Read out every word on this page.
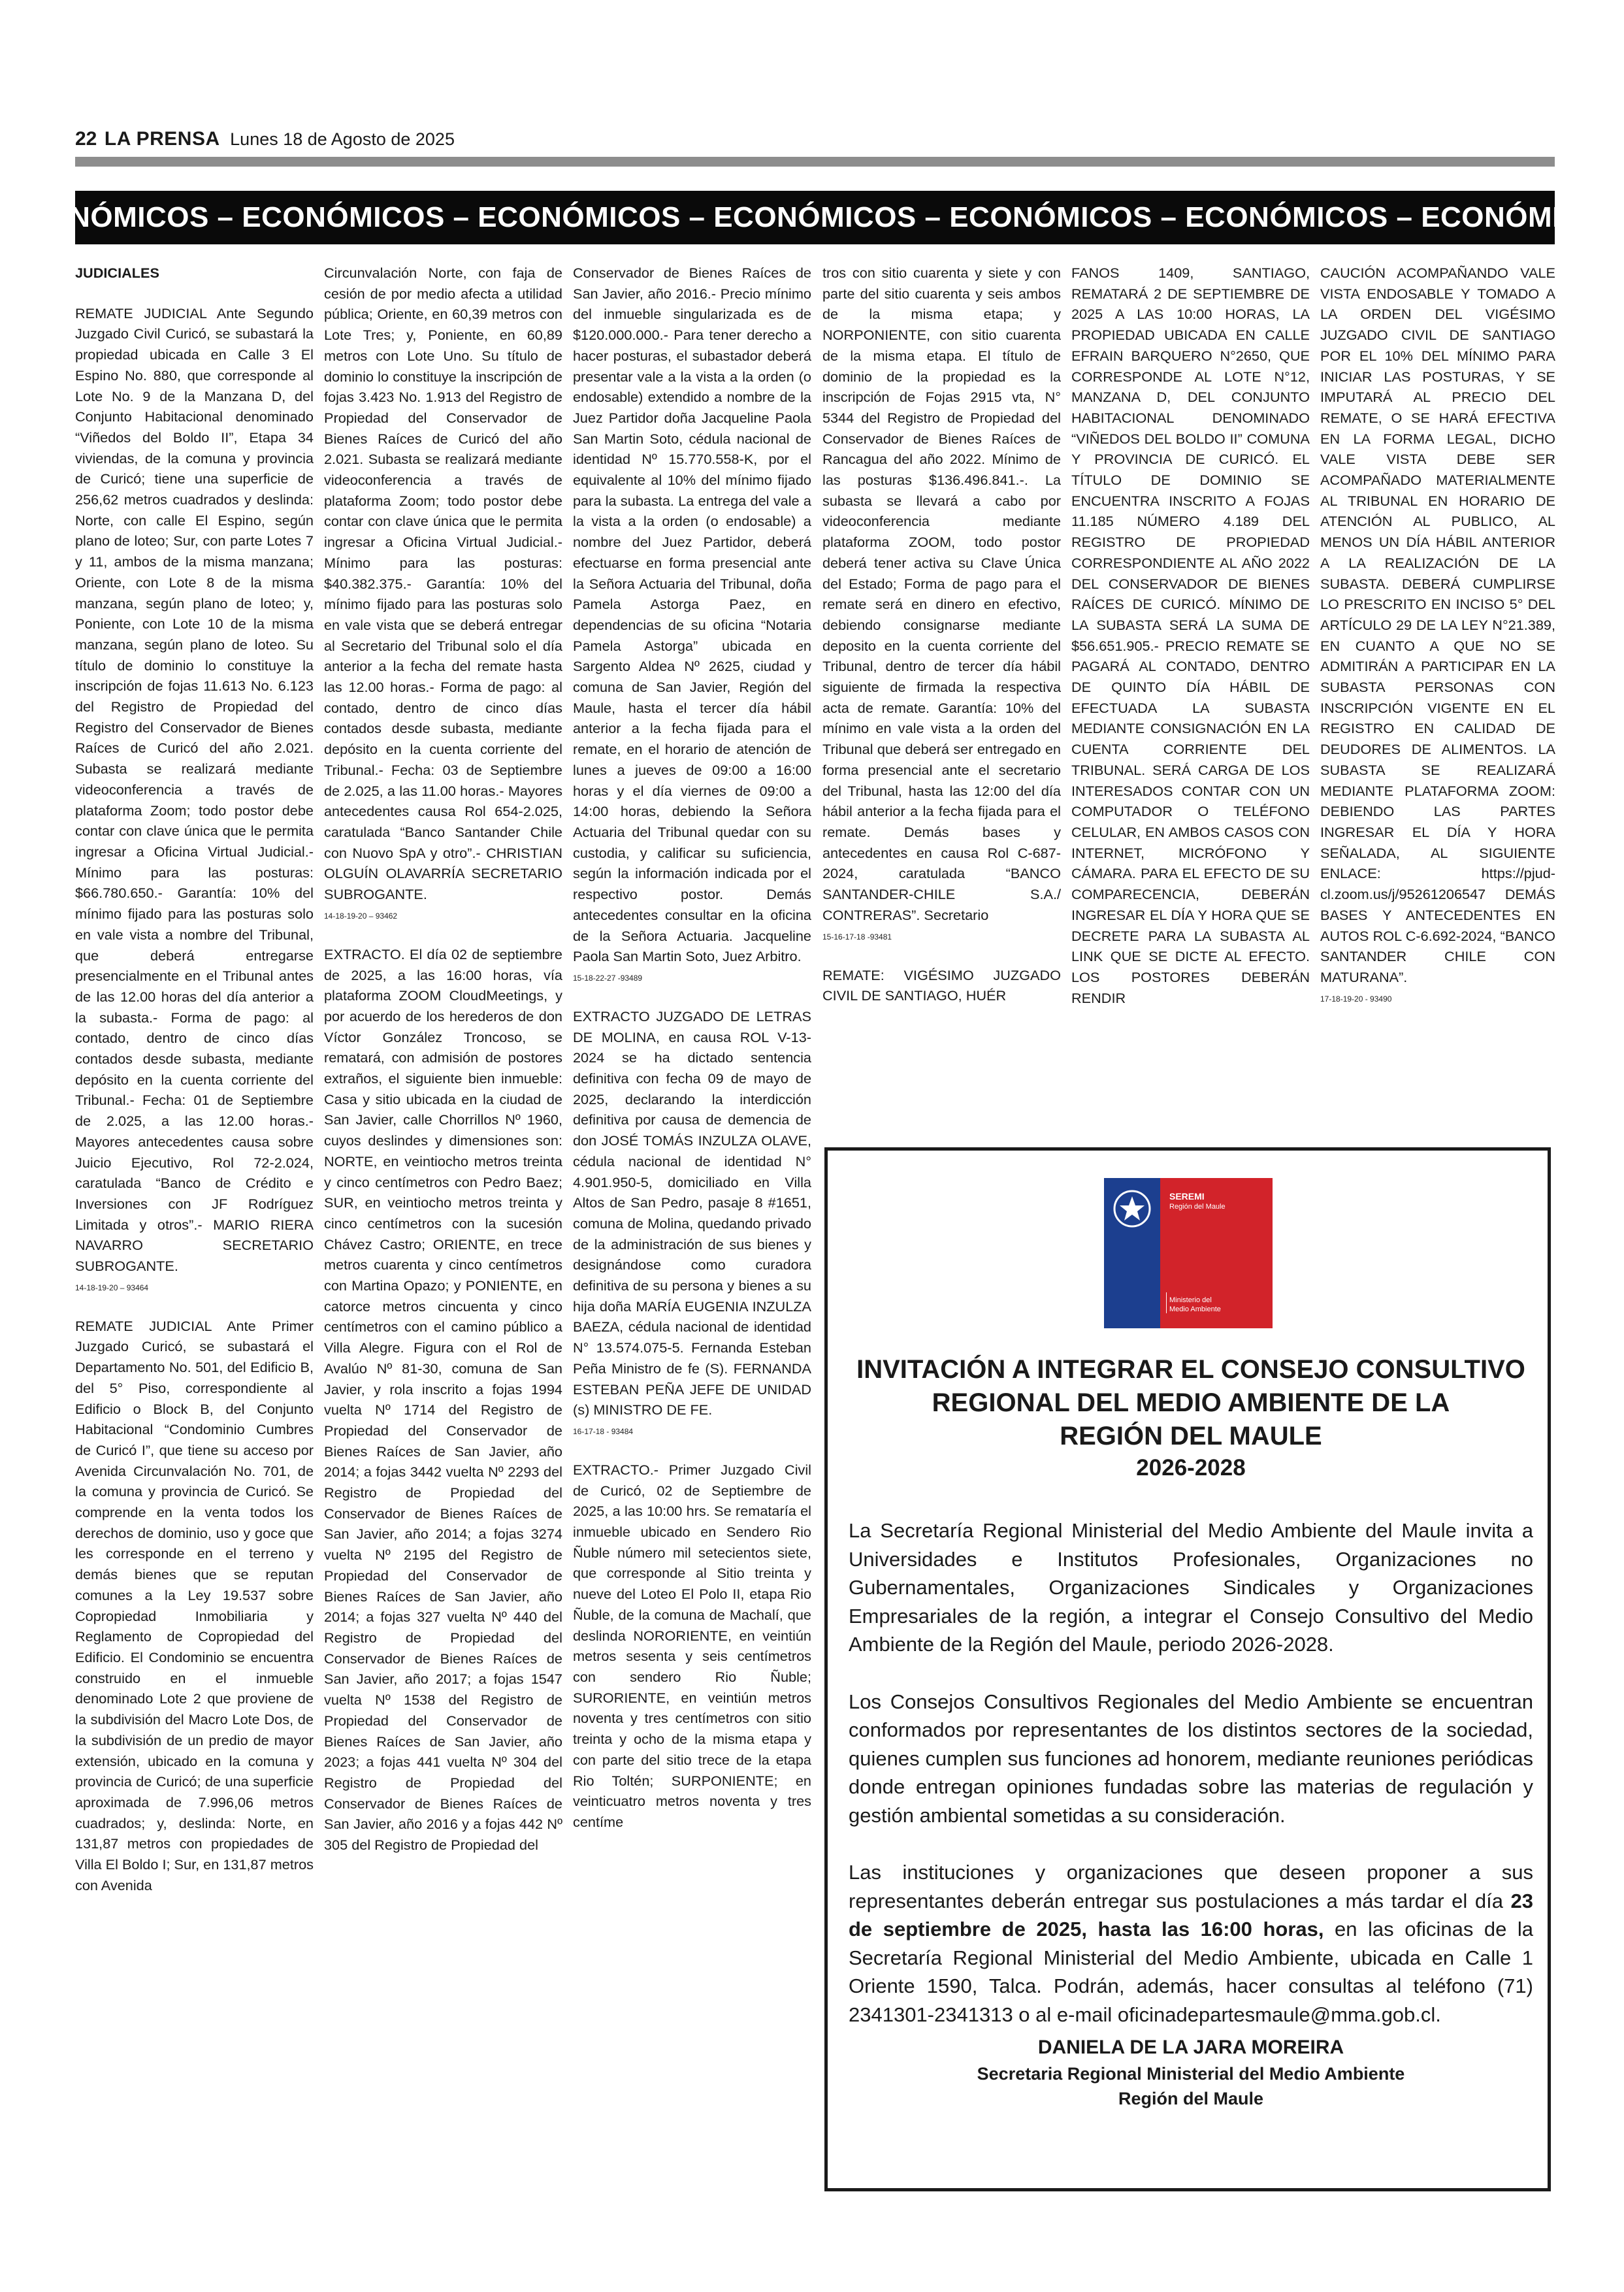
22 LA PRENSA Lunes 18 de Agosto de 2025
ECONÓMICOS – ECONÓMICOS – ECONÓMICOS – ECONÓMICOS – ECONÓMICOS – ECONÓMICOS – ECONÓMICOS
JUDICIALES

REMATE JUDICIAL Ante Segundo Juzgado Civil Curicó, se subastará la propiedad ubicada en Calle 3 El Espino No. 880, que corresponde al Lote No. 9 de la Manzana D, del Conjunto Habitacional denominado “Viñedos del Boldo II”, Etapa 34 viviendas, de la comuna y provincia de Curicó; tiene una superficie de 256,62 metros cuadrados y deslinda: Norte, con calle El Espino, según plano de loteo; Sur, con parte Lotes 7 y 11, ambos de la misma manzana; Oriente, con Lote 8 de la misma manzana, según plano de loteo; y, Poniente, con Lote 10 de la misma manzana, según plano de loteo. Su título de dominio lo constituye la inscripción de fojas 11.613 No. 6.123 del Registro de Propiedad del Registro del Conservador de Bienes Raíces de Curicó del año 2.021. Subasta se realizará mediante videoconferencia a través de plataforma Zoom; todo postor debe contar con clave única que le permita ingresar a Oficina Virtual Judicial.- Mínimo para las posturas: $66.780.650.- Garantía: 10% del mínimo fijado para las posturas solo en vale vista a nombre del Tribunal, que deberá entregarse presencialmente en el Tribunal antes de las 12.00 horas del día anterior a la subasta.- Forma de pago: al contado, dentro de cinco días contados desde subasta, mediante depósito en la cuenta corriente del Tribunal.- Fecha: 01 de Septiembre de 2.025, a las 12.00 horas.- Mayores antecedentes causa sobre Juicio Ejecutivo, Rol 72-2.024, caratulada “Banco de Crédito e Inversiones con JF Rodríguez Limitada y otros”.- MARIO RIERA NAVARRO SECRETARIO SUBROGANTE.
14-18-19-20 – 93464

REMATE JUDICIAL Ante Primer Juzgado Curicó, se subastará el Departamento No. 501, del Edificio B, del 5° Piso, correspondiente al Edificio o Block B, del Conjunto Habitacional “Condominio Cumbres de Curicó I”, que tiene su acceso por Avenida Circunvalación No. 701, de la comuna y provincia de Curicó. Se comprende en la venta todos los derechos de dominio, uso y goce que les corresponde en el terreno y demás bienes que se reputan comunes a la Ley 19.537 sobre Copropiedad Inmobiliaria y Reglamento de Copropiedad del Edificio. El Condominio se encuentra construido en el inmueble denominado Lote 2 que proviene de la subdivisión del Macro Lote Dos, de la subdivisión de un predio de mayor extensión, ubicado en la comuna y provincia de Curicó; de una superficie aproximada de 7.996,06 metros cuadrados; y, deslinda: Norte, en 131,87 metros con propiedades de Villa El Boldo I; Sur, en 131,87 metros con Avenida

Circunvalación Norte, con faja de cesión de por medio afecta a utilidad pública; Oriente, en 60,39 metros con Lote Tres; y, Poniente, en 60,89 metros con Lote Uno. Su título de dominio lo constituye la inscripción de fojas 3.423 No. 1.913 del Registro de Propiedad del Conservador de Bienes Raíces de Curicó del año 2.021. Subasta se realizará mediante videoconferencia a través de plataforma Zoom; todo postor debe contar con clave única que le permita ingresar a Oficina Virtual Judicial.- Mínimo para las posturas: $40.382.375.- Garantía: 10% del mínimo fijado para las posturas solo en vale vista que se deberá entregar al Secretario del Tribunal solo el día anterior a la fecha del remate hasta las 12.00 horas.- Forma de pago: al contado, dentro de cinco días contados desde subasta, mediante depósito en la cuenta corriente del Tribunal.- Fecha: 03 de Septiembre de 2.025, a las 11.00 horas.- Mayores antecedentes causa Rol 654-2.025, caratulada “Banco Santander Chile con Nuovo SpA y otro”.- CHRISTIAN OLGUÍN OLAVARRÍA SECRETARIO SUBROGANTE.
14-18-19-20 – 93462

EXTRACTO. El día 02 de septiembre de 2025, a las 16:00 horas, vía plataforma ZOOM CloudMeetings, y por acuerdo de los herederos de don Víctor González Troncoso, se rematará, con admisión de postores extraños, el siguiente bien inmueble: Casa y sitio ubicada en la ciudad de San Javier, calle Chorrillos Nº 1960, cuyos deslindes y dimensiones son: NORTE, en veintiocho metros treinta y cinco centímetros con Pedro Baez; SUR, en veintiocho metros treinta y cinco centímetros con la sucesión Chávez Castro; ORIENTE, en trece metros cuarenta y cinco centímetros con Martina Opazo; y PONIENTE, en catorce metros cincuenta y cinco centímetros con el camino público a Villa Alegre. Figura con el Rol de Avalúo Nº 81-30, comuna de San Javier, y rola inscrito a fojas 1994 vuelta Nº 1714 del Registro de Propiedad del Conservador de Bienes Raíces de San Javier, año 2014; a fojas 3442 vuelta Nº 2293 del Registro de Propiedad del Conservador de Bienes Raíces de San Javier, año 2014; a fojas 3274 vuelta Nº 2195 del Registro de Propiedad del Conservador de Bienes Raíces de San Javier, año 2014; a fojas 327 vuelta Nº 440 del Registro de Propiedad del Conservador de Bienes Raíces de San Javier, año 2017; a fojas 1547 vuelta Nº 1538 del Registro de Propiedad del Conservador de Bienes Raíces de San Javier, año 2023; a fojas 441 vuelta Nº 304 del Registro de Propiedad del Conservador de Bienes Raíces de San Javier, año 2016 y a fojas 442 Nº 305 del Registro de Propiedad del

Conservador de Bienes Raíces de San Javier, año 2016.- Precio mínimo del inmueble singularizada es de $120.000.000.- Para tener derecho a hacer posturas, el subastador deberá presentar vale a la vista a la orden (o endosable) extendido a nombre de la Juez Partidor doña Jacqueline Paola San Martin Soto, cédula nacional de identidad Nº 15.770.558-K, por el equivalente al 10% del mínimo fijado para la subasta. La entrega del vale a la vista a la orden (o endosable) a nombre del Juez Partidor, deberá efectuarse en forma presencial ante la Señora Actuaria del Tribunal, doña Pamela Astorga Paez, en dependencias de su oficina “Notaria Pamela Astorga” ubicada en Sargento Aldea Nº 2625, ciudad y comuna de San Javier, Región del Maule, hasta el tercer día hábil anterior a la fecha fijada para el remate, en el horario de atención de lunes a jueves de 09:00 a 16:00 horas y el día viernes de 09:00 a 14:00 horas, debiendo la Señora Actuaria del Tribunal quedar con su custodia, y calificar su suficiencia, según la información indicada por el respectivo postor. Demás antecedentes consultar en la oficina de la Señora Actuaria. Jacqueline Paola San Martin Soto, Juez Arbitro.
15-18-22-27 -93489

EXTRACTO JUZGADO DE LETRAS DE MOLINA, en causa ROL V-13-2024 se ha dictado sentencia definitiva con fecha 09 de mayo de 2025, declarando la interdicción definitiva por causa de demencia de don JOSÉ TOMÁS INZULZA OLAVE, cédula nacional de identidad N° 4.901.950-5, domiciliado en Villa Altos de San Pedro, pasaje 8 #1651, comuna de Molina, quedando privado de la administración de sus bienes y designándose como curadora definitiva de su persona y bienes a su hija doña MARÍA EUGENIA INZULZA BAEZA, cédula nacional de identidad N° 13.574.075-5. Fernanda Esteban Peña Ministro de fe (S). FERNANDA ESTEBAN PEÑA JEFE DE UNIDAD (s) MINISTRO DE FE.
16-17-18 - 93484

EXTRACTO.- Primer Juzgado Civil de Curicó, 02 de Septiembre de 2025, a las 10:00 hrs. Se remataría el inmueble ubicado en Sendero Rio Ñuble número mil setecientos siete, que corresponde al Sitio treinta y nueve del Loteo El Polo II, etapa Rio Ñuble, de la comuna de Machalí, que deslinda NORORIENTE, en veintiún metros sesenta y seis centímetros con sendero Rio Ñuble; SURORIENTE, en veintiún metros noventa y tres centímetros con sitio treinta y ocho de la misma etapa y con parte del sitio trece de la etapa Rio Toltén; SURPONIENTE; en veinticuatro metros noventa y tres centíme

tros con sitio cuarenta y siete y con parte del sitio cuarenta y seis ambos de la misma etapa; y NORPONIENTE, con sitio cuarenta de la misma etapa. El título de dominio de la propiedad es la inscripción de Fojas 2915 vta, N° 5344 del Registro de Propiedad del Conservador de Bienes Raíces de Rancagua del año 2022. Mínimo de las posturas $136.496.841.-. La subasta se llevará a cabo por videoconferencia mediante plataforma ZOOM, todo postor deberá tener activa su Clave Única del Estado; Forma de pago para el remate será en dinero en efectivo, debiendo consignarse mediante deposito en la cuenta corriente del Tribunal, dentro de tercer día hábil siguiente de firmada la respectiva acta de remate. Garantía: 10% del mínimo en vale vista a la orden del Tribunal que deberá ser entregado en forma presencial ante el secretario del Tribunal, hasta las 12:00 del día hábil anterior a la fecha fijada para el remate. Demás bases y antecedentes en causa Rol C-687-2024, caratulada “BANCO SANTANDER-CHILE S.A./ CONTRERAS”. Secretario
15-16-17-18 -93481

REMATE: VIGÉSIMO JUZGADO CIVIL DE SANTIAGO, HUÉR

FANOS 1409, SANTIAGO, REMATARÁ 2 DE SEPTIEMBRE DE 2025 A LAS 10:00 HORAS, LA PROPIEDAD UBICADA EN CALLE EFRAIN BARQUERO N°2650, QUE CORRESPONDE AL LOTE N°12, MANZANA D, DEL CONJUNTO HABITACIONAL DENOMINADO “VIÑEDOS DEL BOLDO II” COMUNA Y PROVINCIA DE CURICÓ. EL TÍTULO DE DOMINIO SE ENCUENTRA INSCRITO A FOJAS 11.185 NÚMERO 4.189 DEL REGISTRO DE PROPIEDAD CORRESPONDIENTE AL AÑO 2022 DEL CONSERVADOR DE BIENES RAÍCES DE CURICÓ. MÍNIMO DE LA SUBASTA SERÁ LA SUMA DE $56.651.905.- PRECIO REMATE SE PAGARÁ AL CONTADO, DENTRO DE QUINTO DÍA HÁBIL DE EFECTUADA LA SUBASTA MEDIANTE CONSIGNACIÓN EN LA CUENTA CORRIENTE DEL TRIBUNAL. SERÁ CARGA DE LOS INTERESADOS CONTAR CON UN COMPUTADOR O TELÉFONO CELULAR, EN AMBOS CASOS CON INTERNET, MICRÓFONO Y CÁMARA. PARA EL EFECTO DE SU COMPARECENCIA, DEBERÁN INGRESAR EL DÍA Y HORA QUE SE DECRETE PARA LA SUBASTA AL LINK QUE SE DICTE AL EFECTO. LOS POSTORES DEBERÁN RENDIR

CAUCIÓN ACOMPAÑANDO VALE VISTA ENDOSABLE Y TOMADO A LA ORDEN DEL VIGÉSIMO JUZGADO CIVIL DE SANTIAGO POR EL 10% DEL MÍNIMO PARA INICIAR LAS POSTURAS, Y SE IMPUTARÁ AL PRECIO DEL REMATE, O SE HARÁ EFECTIVA EN LA FORMA LEGAL, DICHO VALE VISTA DEBE SER ACOMPAÑADO MATERIALMENTE AL TRIBUNAL EN HORARIO DE ATENCIÓN AL PUBLICO, AL MENOS UN DÍA HÁBIL ANTERIOR A LA REALIZACIÓN DE LA SUBASTA. DEBERÁ CUMPLIRSE LO PRESCRITO EN INCISO 5° DEL ARTÍCULO 29 DE LA LEY N°21.389, EN CUANTO A QUE NO SE ADMITIRÁN A PARTICIPAR EN LA SUBASTA PERSONAS CON INSCRIPCIÓN VIGENTE EN EL REGISTRO EN CALIDAD DE DEUDORES DE ALIMENTOS. LA SUBASTA SE REALIZARÁ MEDIANTE PLATAFORMA ZOOM: DEBIENDO LAS PARTES INGRESAR EL DÍA Y HORA SEÑALADA, AL SIGUIENTE ENLACE: https://pjud-cl.zoom.us/j/95261206547 DEMÁS BASES Y ANTECEDENTES EN AUTOS ROL C-6.692-2024, “BANCO SANTANDER CHILE CON MATURANA”.
17-18-19-20 - 93490

SEREMI
Región del Maule
Ministerio del
Medio Ambiente
INVITACIÓN A INTEGRAR EL CONSEJO CONSULTIVO
REGIONAL DEL MEDIO AMBIENTE DE LA
REGIÓN DEL MAULE
2026-2028

La Secretaría Regional Ministerial del Medio Ambiente del Maule invita a Universidades e Institutos Profesionales, Organizaciones no Gubernamentales, Organizaciones Sindicales y Organizaciones Empresariales de la región, a integrar el Consejo Consultivo del Medio Ambiente de la Región del Maule, periodo 2026-2028.

Los Consejos Consultivos Regionales del Medio Ambiente se encuentran conformados por representantes de los distintos sectores de la sociedad, quienes cumplen sus funciones ad honorem, mediante reuniones periódicas donde entregan opiniones fundadas sobre las materias de regulación y gestión ambiental sometidas a su consideración.

Las instituciones y organizaciones que deseen proponer a sus representantes deberán entregar sus postulaciones a más tardar el día 23 de septiembre de 2025, hasta las 16:00 horas, en las oficinas de la Secretaría Regional Ministerial del Medio Ambiente, ubicada en Calle 1 Oriente 1590, Talca. Podrán, además, hacer consultas al teléfono (71) 2341301-2341313 o al e-mail oficinadepartesmaule@mma.gob.cl.

DANIELA DE LA JARA MOREIRA
Secretaria Regional Ministerial del Medio Ambiente
Región del Maule
